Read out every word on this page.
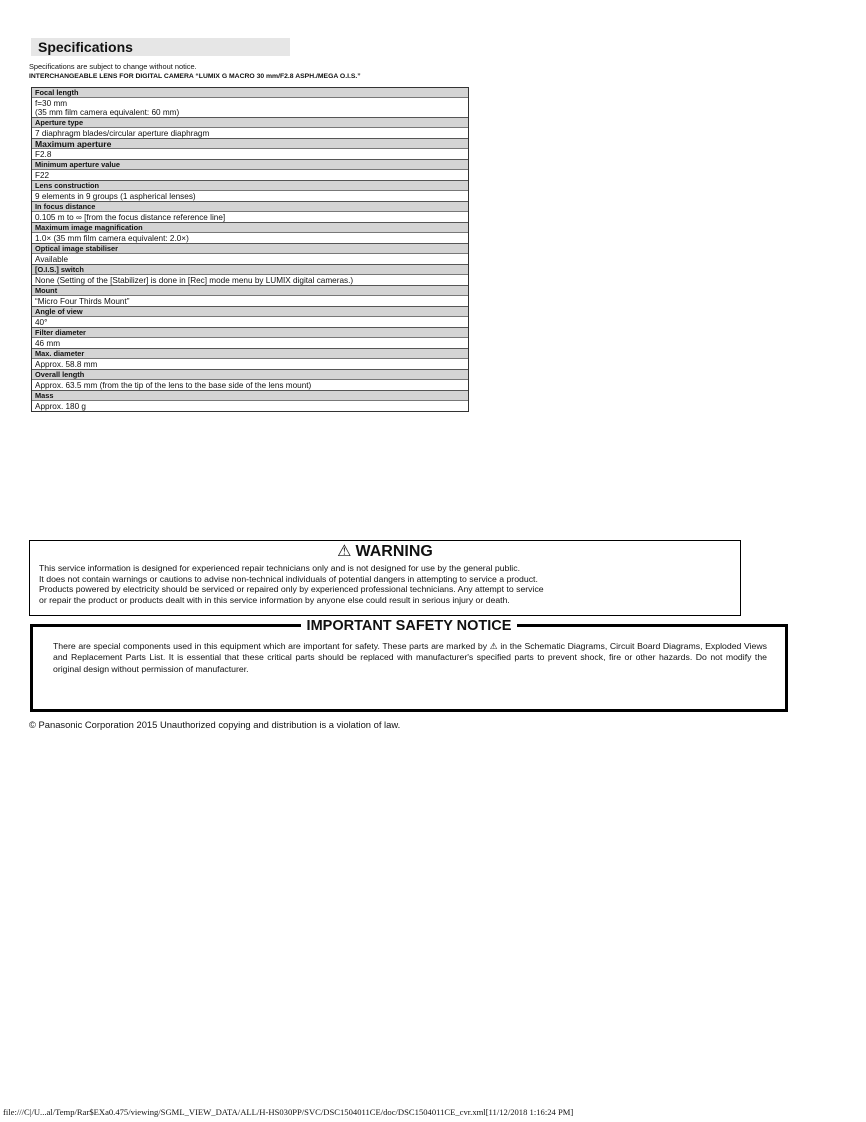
Specifications
Specifications are subject to change without notice.
INTERCHANGEABLE LENS FOR DIGITAL CAMERA “LUMIX G MACRO 30 mm/F2.8 ASPH./MEGA O.I.S.”
Focal length
f=30 mm
(35 mm film camera equivalent: 60 mm)
Aperture type
7 diaphragm blades/circular aperture diaphragm
Maximum aperture
F2.8
Minimum aperture value
F22
Lens construction
9 elements in 9 groups (1 aspherical lenses)
In focus distance
0.105 m to ∞ [from the focus distance reference line]
Maximum image magnification
1.0× (35 mm film camera equivalent: 2.0×)
Optical image stabiliser
Available
[O.I.S.] switch
None (Setting of the [Stabilizer] is done in [Rec] mode menu by LUMIX digital cameras.)
Mount
“Micro Four Thirds Mount”
Angle of view
40°
Filter diameter
46 mm
Max. diameter
Approx. 58.8 mm
Overall length
Approx. 63.5 mm (from the tip of the lens to the base side of the lens mount)
Mass
Approx. 180 g
⚠ WARNING
This service information is designed for experienced repair technicians only and is not designed for use by the general public.
It does not contain warnings or cautions to advise non-technical individuals of potential dangers in attempting to service a product.
Products powered by electricity should be serviced or repaired only by experienced professional technicians. Any attempt to service
or repair the product or products dealt with in this service information by anyone else could result in serious injury or death.
IMPORTANT SAFETY NOTICE
There are special components used in this equipment which are important for safety. These parts are marked by ⚠ in the Schematic Diagrams, Circuit Board Diagrams, Exploded Views and Replacement Parts List. It is essential that these critical parts should be replaced with manufacturer's specified parts to prevent shock, fire or other hazards. Do not modify the original design without permission of manufacturer.
© Panasonic Corporation 2015 Unauthorized copying and distribution is a violation of law.
file:///C|/U...al/Temp/Rar$EXa0.475/viewing/SGML_VIEW_DATA/ALL/H-HS030PP/SVC/DSC1504011CE/doc/DSC1504011CE_cvr.xml[11/12/2018 1:16:24 PM]
